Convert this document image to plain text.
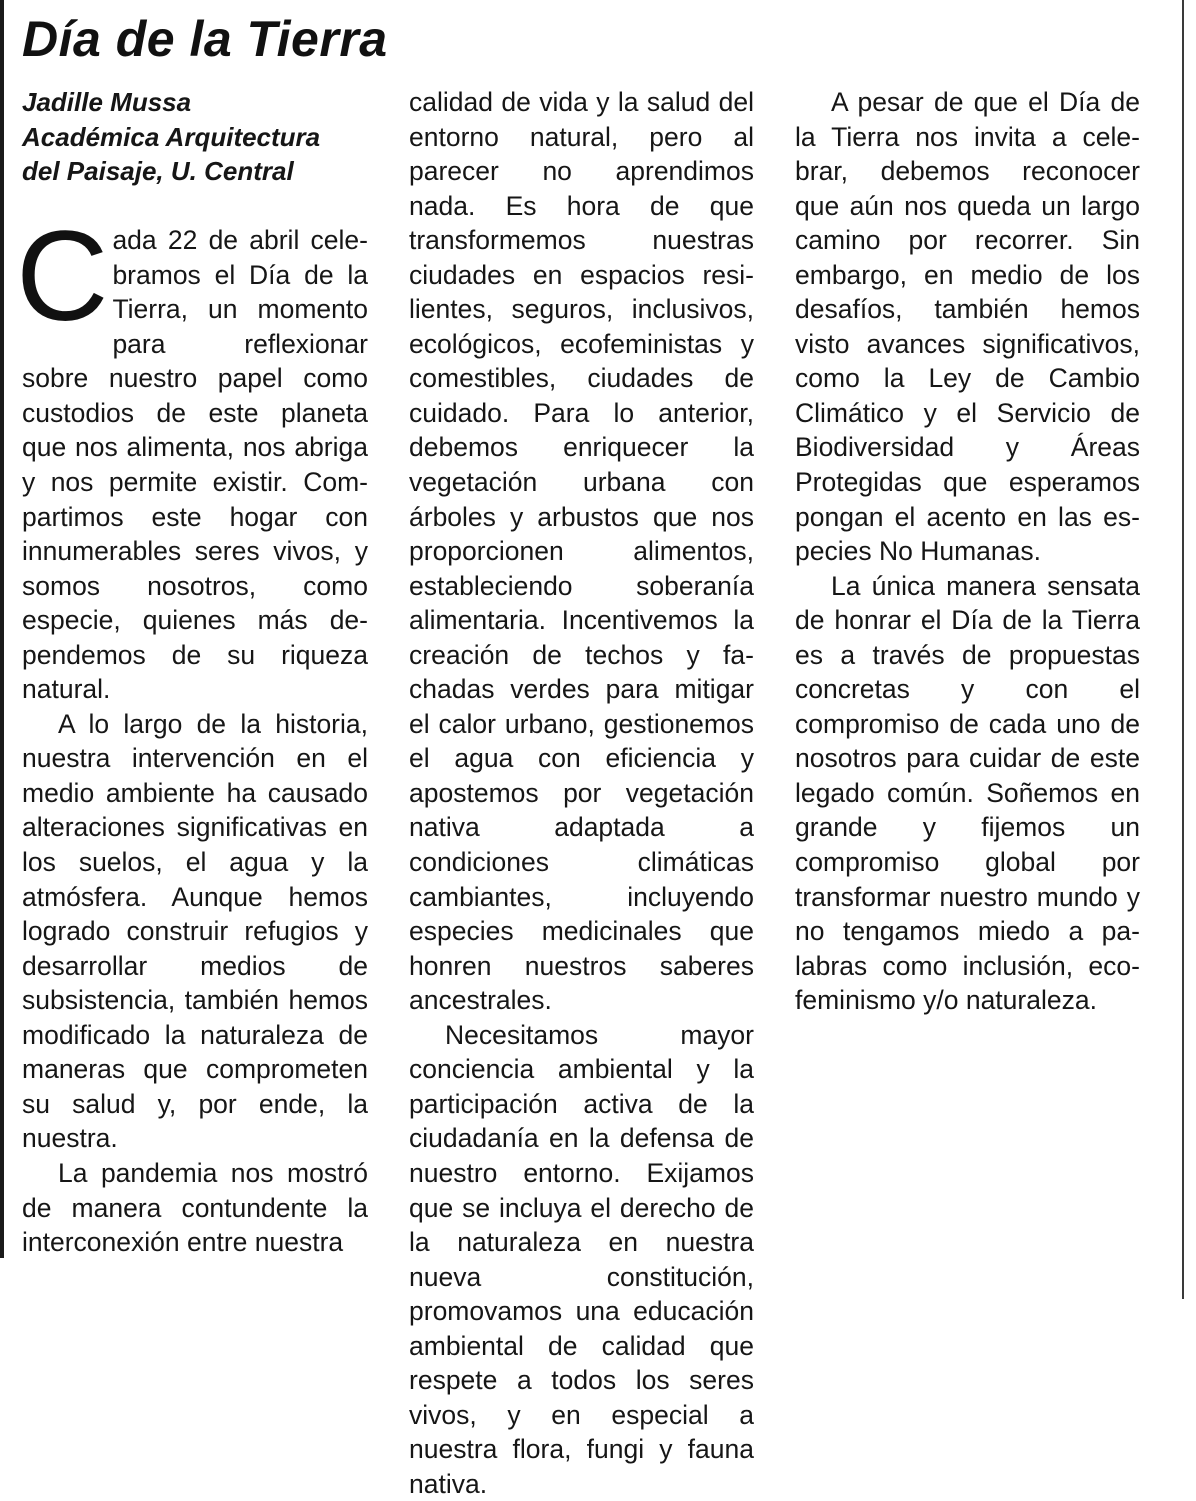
Día de la Tierra
Jadille Mussa
Académica Arquitectura
del Paisaje, U. Central

Cada 22 de abril celebramos el Día de la Tierra, un momento para reflexionar sobre nuestro papel como custodios de este planeta que nos alimenta, nos abriga y nos permite existir. Compartimos este hogar con innumerables seres vivos, y somos nosotros, como especie, quienes más dependemos de su riqueza natural.

A lo largo de la historia, nuestra intervención en el medio ambiente ha causado alteraciones significativas en los suelos, el agua y la atmósfera. Aunque hemos logrado construir refugios y desarrollar medios de subsistencia, también hemos modificado la naturaleza de maneras que comprometen su salud y, por ende, la nuestra.

La pandemia nos mostró de manera contundente la interconexión entre nuestra

calidad de vida y la salud del entorno natural, pero al parecer no aprendimos nada. Es hora de que transformemos nuestras ciudades en espacios resilientes, seguros, inclusivos, ecológicos, ecofeministas y comestibles, ciudades de cuidado. Para lo anterior, debemos enriquecer la vegetación urbana con árboles y arbustos que nos proporcionen alimentos, estableciendo soberanía alimentaria. Incentivemos la creación de techos y fachadas verdes para mitigar el calor urbano, gestionemos el agua con eficiencia y apostemos por vegetación nativa adaptada a condiciones climáticas cambiantes, incluyendo especies medicinales que honren nuestros saberes ancestrales.

Necesitamos mayor conciencia ambiental y la participación activa de la ciudadanía en la defensa de nuestro entorno. Exijamos que se incluya el derecho de la naturaleza en nuestra nueva constitución, promovamos una educación ambiental de calidad que respete a todos los seres vivos, y en especial a nuestra flora, fungi y fauna nativa.

A pesar de que el Día de la Tierra nos invita a celebrar, debemos reconocer que aún nos queda un largo camino por recorrer. Sin embargo, en medio de los desafíos, también hemos visto avances significativos, como la Ley de Cambio Climático y el Servicio de Biodiversidad y Áreas Protegidas que esperamos pongan el acento en las especies No Humanas.

La única manera sensata de honrar el Día de la Tierra es a través de propuestas concretas y con el compromiso de cada uno de nosotros para cuidar de este legado común. Soñemos en grande y fijemos un compromiso global por transformar nuestro mundo y no tengamos miedo a palabras como inclusión, ecofeminismo y/o naturaleza.
